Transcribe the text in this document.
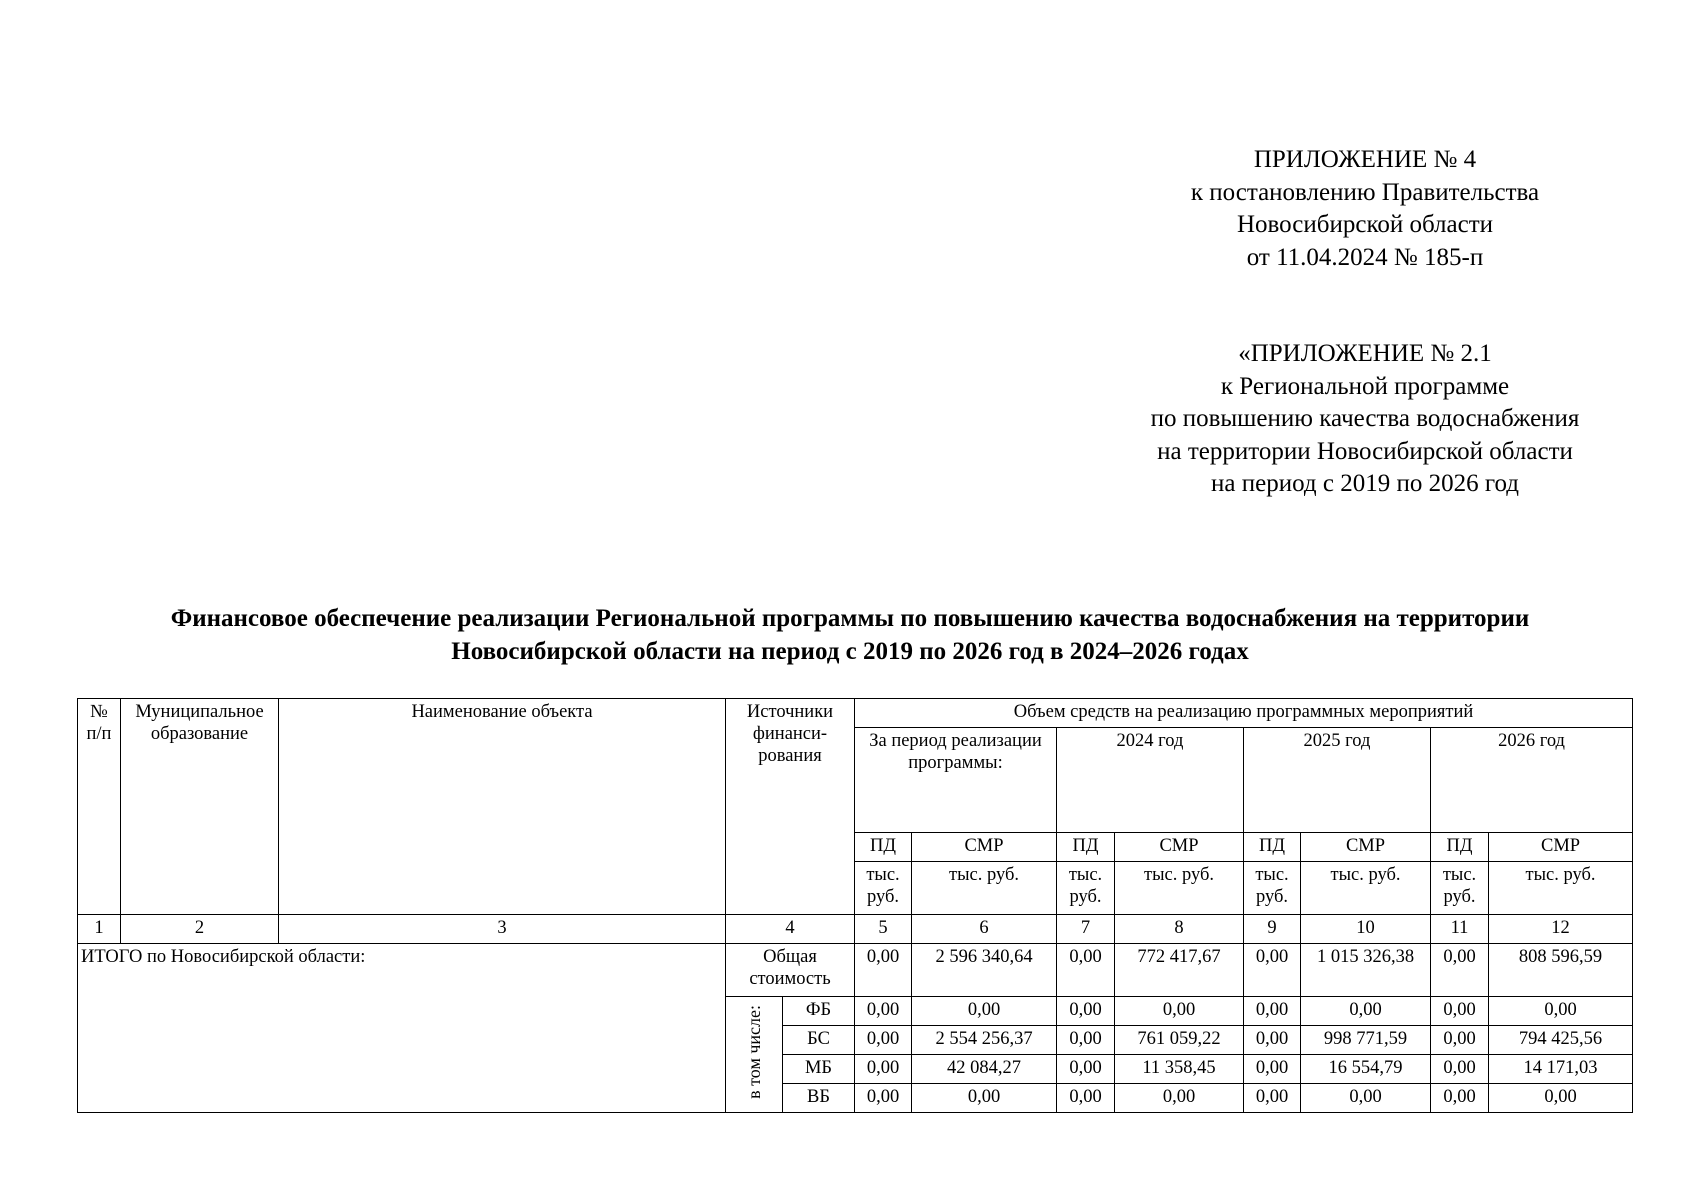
ПРИЛОЖЕНИЕ № 4
к постановлению Правительства
Новосибирской области
от 11.04.2024 № 185-п
«ПРИЛОЖЕНИЕ № 2.1
к Региональной программе
по повышению качества водоснабжения
на территории Новосибирской области
на период с 2019 по 2026 год
Финансовое обеспечение реализации Региональной программы по повышению качества водоснабжения на территории
Новосибирской области на период с 2019 по 2026 год в 2024–2026 годах
№ п/п	Муниципальное образование	Наименование объекта	Источники финанси-рования		Объем средств на реализацию программных мероприятий							
					За период реализации программы:		2024 год		2025 год		2026 год	
					ПД	СМР	ПД	СМР	ПД	СМР	ПД	СМР
					тыс. руб.	тыс. руб.	тыс. руб.	тыс. руб.	тыс. руб.	тыс. руб.	тыс. руб.	тыс. руб.
1	2	3	4		5	6	7	8	9	10	11	12
ИТОГО по Новосибирской области:			Общая стоимость		0,00	2 596 340,64	0,00	772 417,67	0,00	1 015 326,38	0,00	808 596,59
			в том числе:	ФБ	0,00	0,00	0,00	0,00	0,00	0,00	0,00	0,00
				БС	0,00	2 554 256,37	0,00	761 059,22	0,00	998 771,59	0,00	794 425,56
				МБ	0,00	42 084,27	0,00	11 358,45	0,00	16 554,79	0,00	14 171,03
				ВБ	0,00	0,00	0,00	0,00	0,00	0,00	0,00	0,00
